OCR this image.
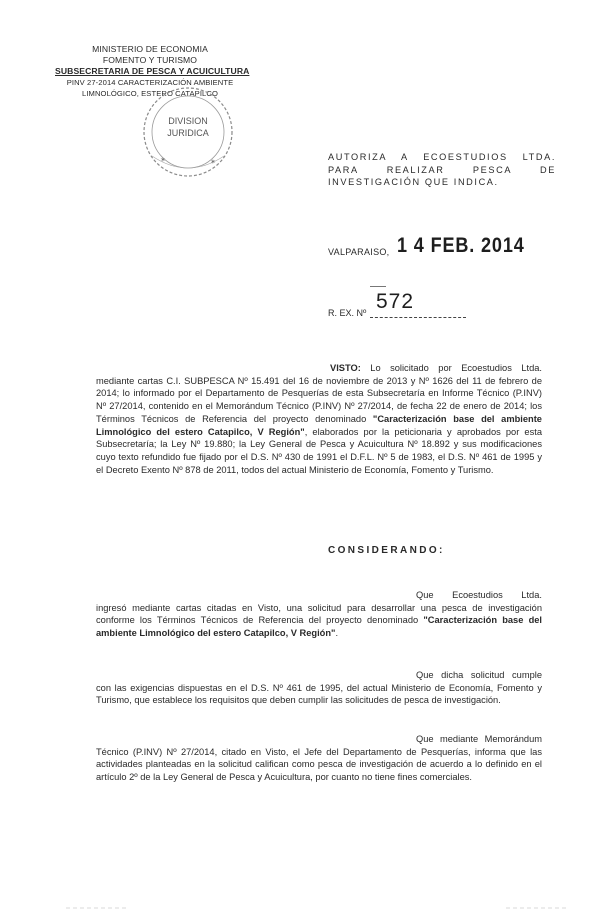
MINISTERIO DE ECONOMIA
FOMENTO Y TURISMO
SUBSECRETARIA DE PESCA Y ACUICULTURA
PINV 27-2014 CARACTERIZACIÓN AMBIENTE
LIMNOLÓGICO, ESTERO CATAPILCO
DIVISION
JURIDICA
✶	✶
AUTORIZA A ECOESTUDIOS LTDA. PARA REALIZAR PESCA DE INVESTIGACIÓN QUE INDICA.
VALPARAISO, 1 4 FEB. 2014
572
R. EX. Nº
VISTO: Lo solicitado por Ecoestudios Ltda. mediante cartas C.I. SUBPESCA Nº 15.491 del 16 de noviembre de 2013 y Nº 1626 del 11 de febrero de 2014; lo informado por el Departamento de Pesquerías de esta Subsecretaría en Informe Técnico (P.INV) Nº 27/2014, contenido en el Memorándum Técnico (P.INV) Nº 27/2014, de fecha 22 de enero de 2014; los Términos Técnicos de Referencia del proyecto denominado "Caracterización base del ambiente Limnológico del estero Catapilco, V Región", elaborados por la peticionaria y aprobados por esta Subsecretaría; la Ley Nº 19.880; la Ley General de Pesca y Acuicultura Nº 18.892 y sus modificaciones cuyo texto refundido fue fijado por el D.S. Nº 430 de 1991 el D.F.L. Nº 5 de 1983, el D.S. Nº 461 de 1995 y el Decreto Exento Nº 878 de 2011, todos del actual Ministerio de Economía, Fomento y Turismo.
CONSIDERANDO:
Que Ecoestudios Ltda. ingresó mediante cartas citadas en Visto, una solicitud para desarrollar una pesca de investigación conforme los Términos Técnicos de Referencia del proyecto denominado "Caracterización base del ambiente Limnológico del estero Catapilco, V Región".
Que dicha solicitud cumple con las exigencias dispuestas en el D.S. Nº 461 de 1995, del actual Ministerio de Economía, Fomento y Turismo, que establece los requisitos que deben cumplir las solicitudes de pesca de investigación.
Que mediante Memorándum Técnico (P.INV) Nº 27/2014, citado en Visto, el Jefe del Departamento de Pesquerías, informa que las actividades planteadas en la solicitud califican como pesca de investigación de acuerdo a lo definido en el artículo 2º de la Ley General de Pesca y Acuicultura, por cuanto no tiene fines comerciales.
